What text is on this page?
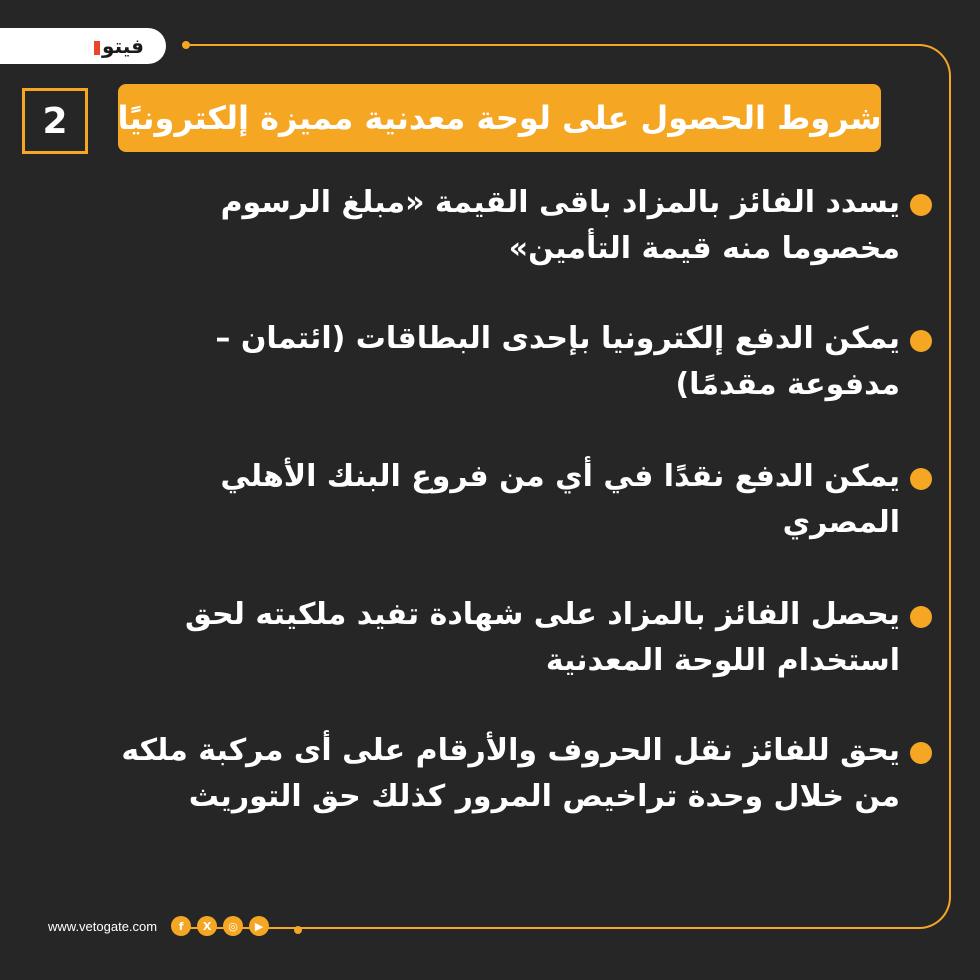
فيتو
2 شروط الحصول على لوحة معدنية مميزة إلكترونيًا
يسدد الفائز بالمزاد باقى القيمة «مبلغ الرسوم مخصوما منه قيمة التأمين»
يمكن الدفع إلكترونيا بإحدى البطاقات (ائتمان – مدفوعة مقدمًا)
يمكن الدفع نقدًا في أي من فروع البنك الأهلي المصري
يحصل الفائز بالمزاد على شهادة تفيد ملكيته لحق استخدام اللوحة المعدنية
يحق للفائز نقل الحروف والأرقام على أى مركبة ملكه من خلال وحدة تراخيص المرور كذلك حق التوريث
www.vetogate.com	f	X	◎	▶
